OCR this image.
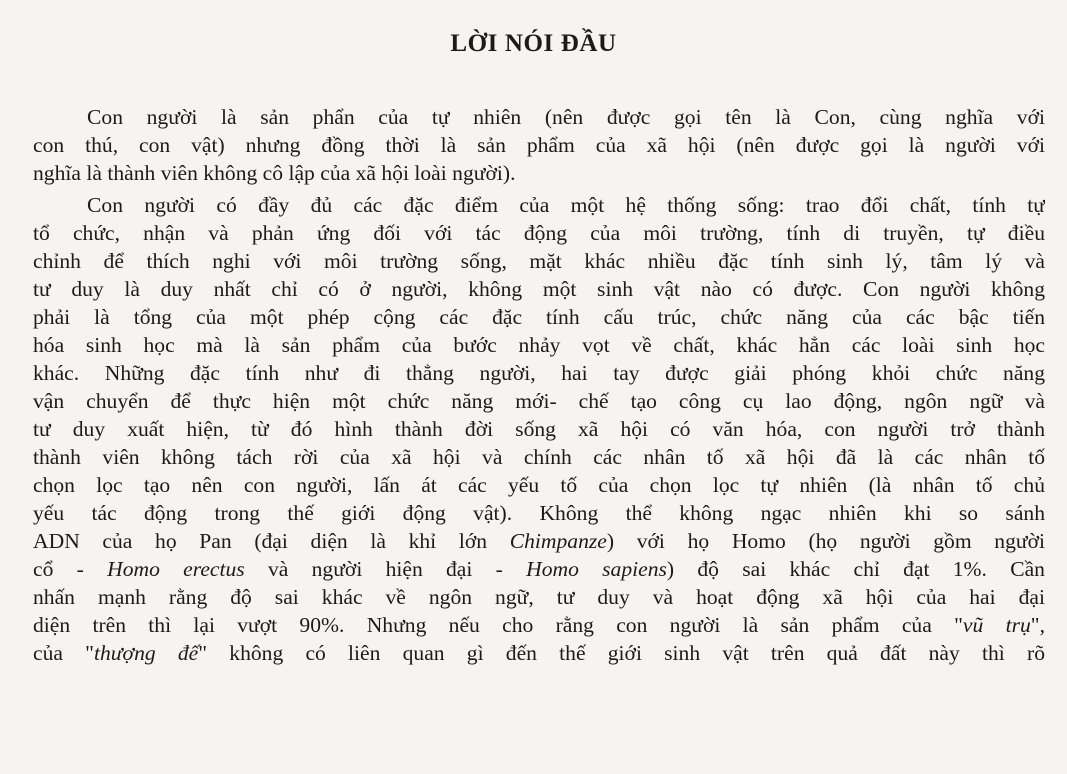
LỜI NÓI ĐẦU
Con người là sản phẩn của tự nhiên (nên được gọi tên là Con, cùng nghĩa với
con thú, con vật) nhưng đồng thời là sản phẩm của xã hội (nên được gọi là người với
nghĩa là thành viên không cô lập của xã hội loài người).
Con người có đầy đủ các đặc điểm của một hệ thống sống: trao đổi chất, tính tự
tổ chức, nhận và phản ứng đối với tác động của môi trường, tính di truyền, tự điều
chỉnh để thích nghi với môi trường sống, mặt khác nhiều đặc tính sinh lý, tâm lý và
tư duy là duy nhất chỉ có ở người, không một sinh vật nào có được. Con người không
phải là tổng của một phép cộng các đặc tính cấu trúc, chức năng của các bậc tiến
hóa sinh học mà là sản phẩm của bước nhảy vọt về chất, khác hẳn các loài sinh học
khác. Những đặc tính như đi thẳng người, hai tay được giải phóng khỏi chức năng
vận chuyển để thực hiện một chức năng mới- chế tạo công cụ lao động, ngôn ngữ và
tư duy xuất hiện, từ đó hình thành đời sống xã hội có văn hóa, con người trở thành
thành viên không tách rời của xã hội và chính các nhân tố xã hội đã là các nhân tố
chọn lọc tạo nên con người, lấn át các yếu tố của chọn lọc tự nhiên (là nhân tố chủ
yếu tác động trong thế giới động vật). Không thể không ngạc nhiên khi so sánh
ADN của họ Pan (đại diện là khỉ lớn Chimpanze) với họ Homo (họ người gồm người
cổ - Homo erectus và người hiện đại - Homo sapiens) độ sai khác chỉ đạt 1%. Cần
nhấn mạnh rằng độ sai khác về ngôn ngữ, tư duy và hoạt động xã hội của hai đại
diện trên thì lại vượt 90%. Nhưng nếu cho rằng con người là sản phẩm của "vũ trụ",
của "thượng đế" không có liên quan gì đến thế giới sinh vật trên quả đất này thì rõ
